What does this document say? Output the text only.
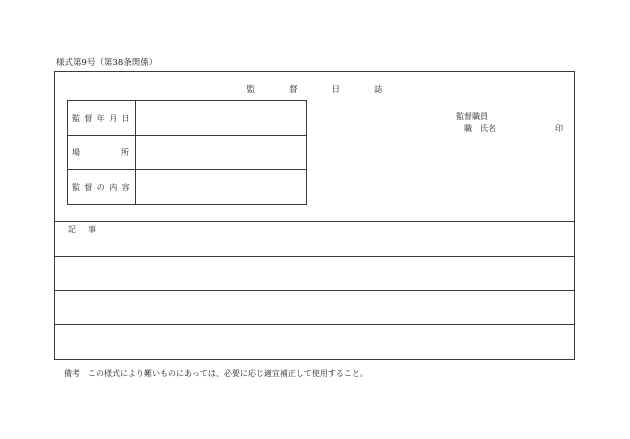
様式第9号（第38条関係）
監	督	日	誌
監督年月日
場	所
監督の内容
監督職員
職　氏名	印
記事
備考 この様式により難いものにあっては、必要に応じ適宜補正して使用すること。
